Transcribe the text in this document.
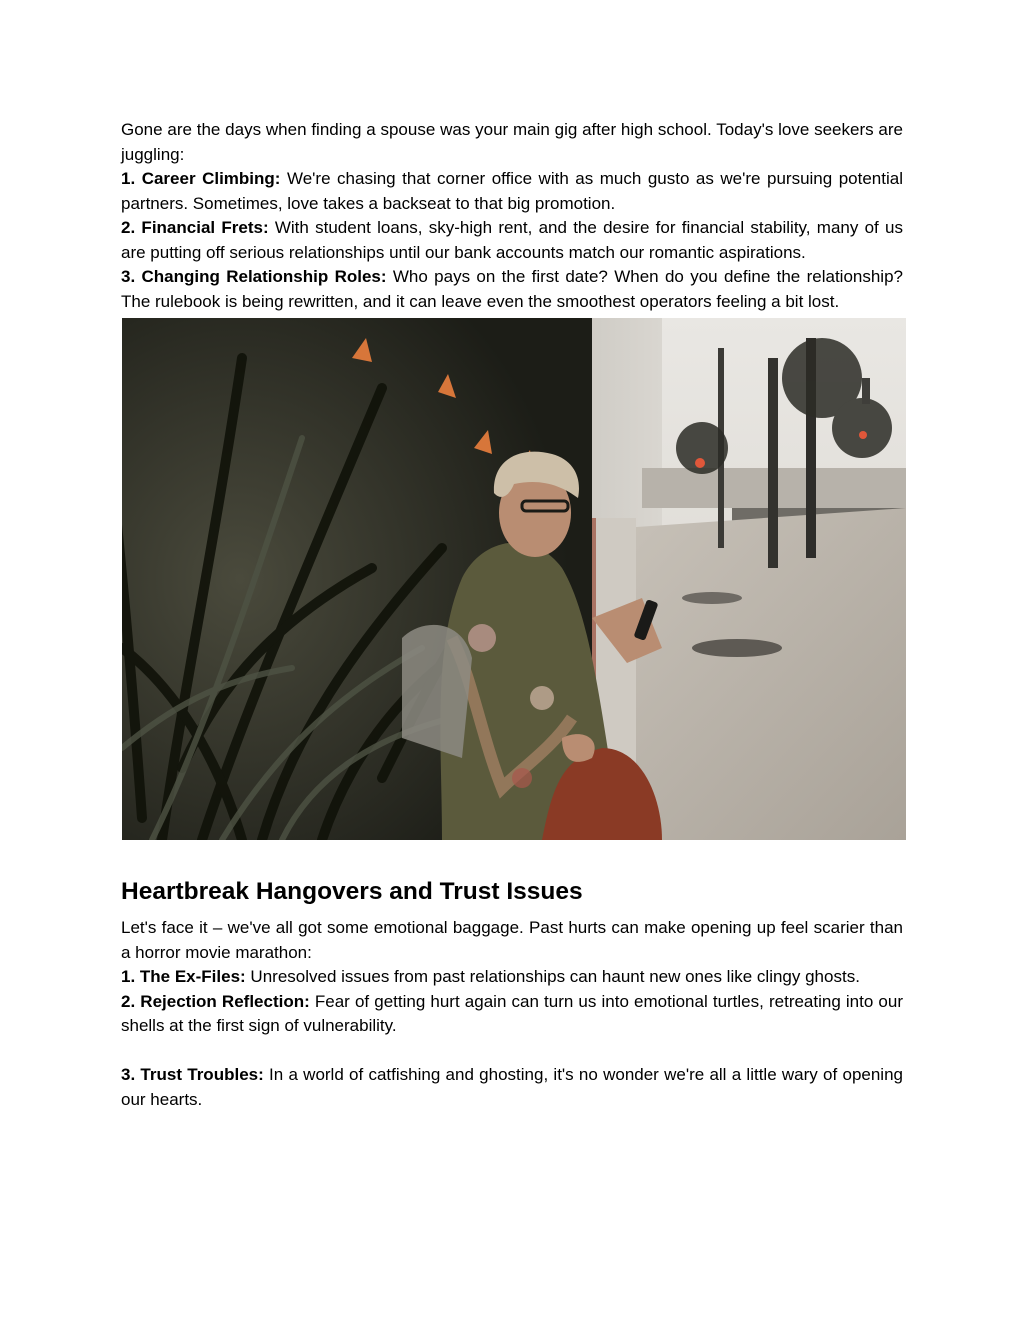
Gone are the days when finding a spouse was your main gig after high school. Today's love seekers are juggling:

1. Career Climbing: We're chasing that corner office with as much gusto as we're pursuing potential partners. Sometimes, love takes a backseat to that big promotion.

2. Financial Frets: With student loans, sky-high rent, and the desire for financial stability, many of us are putting off serious relationships until our bank accounts match our romantic aspirations.

3. Changing Relationship Roles: Who pays on the first date? When do you define the relationship? The rulebook is being rewritten, and it can leave even the smoothest operators feeling a bit lost.

Heartbreak Hangovers and Trust Issues

Let's face it – we've all got some emotional baggage. Past hurts can make opening up feel scarier than a horror movie marathon:

1. The Ex-Files: Unresolved issues from past relationships can haunt new ones like clingy ghosts.

2. Rejection Reflection: Fear of getting hurt again can turn us into emotional turtles, retreating into our shells at the first sign of vulnerability.

3. Trust Troubles: In a world of catfishing and ghosting, it's no wonder we're all a little wary of opening our hearts.
